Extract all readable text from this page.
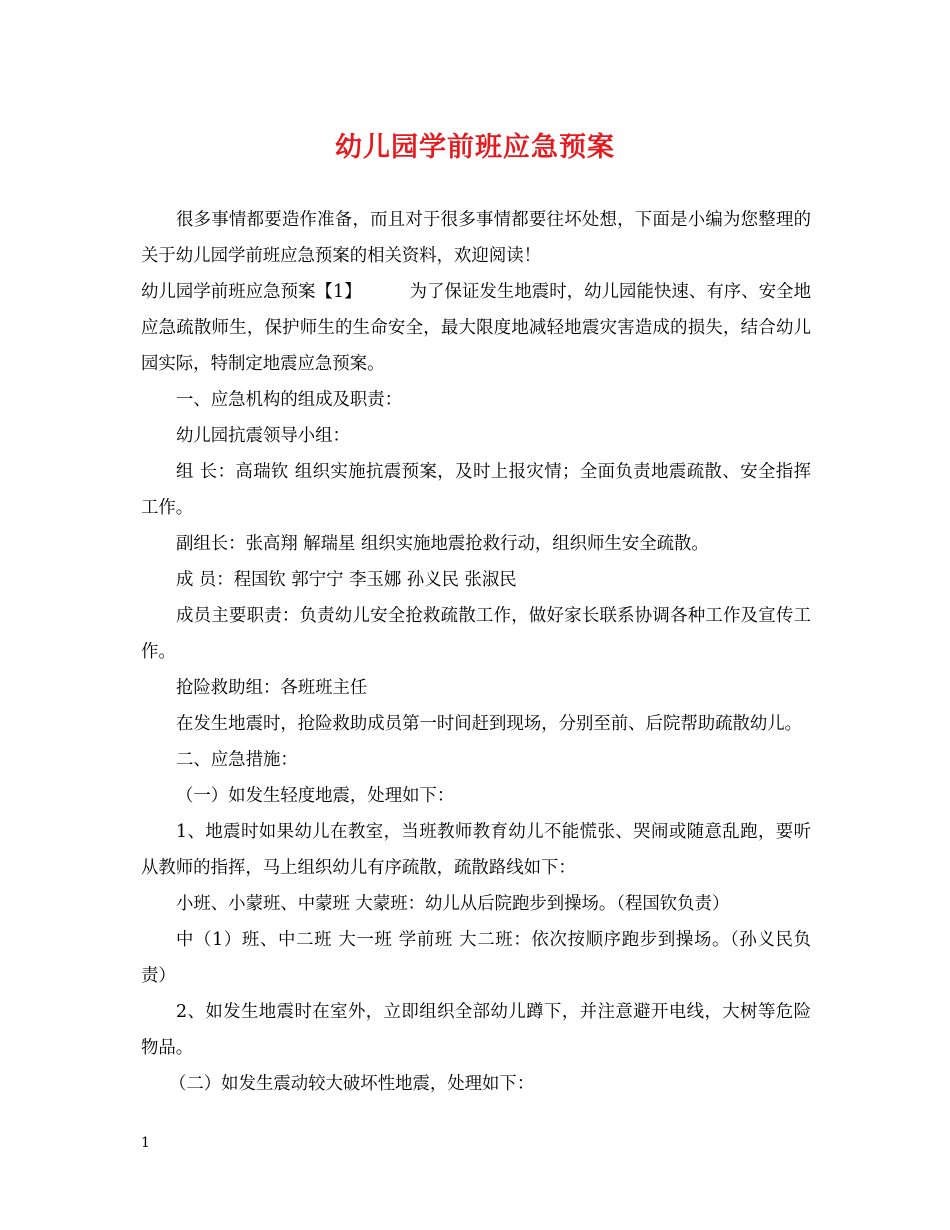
幼儿园学前班应急预案

很多事情都要造作准备，而且对于很多事情都要往坏处想，下面是小编为您整理的关于幼儿园学前班应急预案的相关资料，欢迎阅读！

幼儿园学前班应急预案【1】	为了保证发生地震时，幼儿园能快速、有序、安全地应急疏散师生，保护师生的生命安全，最大限度地减轻地震灾害造成的损失，结合幼儿园实际，特制定地震应急预案。

一、应急机构的组成及职责：

幼儿园抗震领导小组：

组 长：高瑞钦 组织实施抗震预案，及时上报灾情；全面负责地震疏散、安全指挥工作。

副组长：张高翔 解瑞星 组织实施地震抢救行动，组织师生安全疏散。

成 员：程国钦 郭宁宁 李玉娜 孙义民 张淑民

成员主要职责：负责幼儿安全抢救疏散工作，做好家长联系协调各种工作及宣传工作。

抢险救助组：各班班主任

在发生地震时，抢险救助成员第一时间赶到现场，分别至前、后院帮助疏散幼儿。

二、应急措施：

（一）如发生轻度地震，处理如下：

1、地震时如果幼儿在教室，当班教师教育幼儿不能慌张、哭闹或随意乱跑，要听从教师的指挥，马上组织幼儿有序疏散，疏散路线如下：

小班、小蒙班、中蒙班 大蒙班：幼儿从后院跑步到操场。（程国钦负责）

中（1）班、中二班 大一班 学前班 大二班：依次按顺序跑步到操场。（孙义民负责）

2、如发生地震时在室外，立即组织全部幼儿蹲下，并注意避开电线，大树等危险物品。

（二）如发生震动较大破坏性地震，处理如下：

1
